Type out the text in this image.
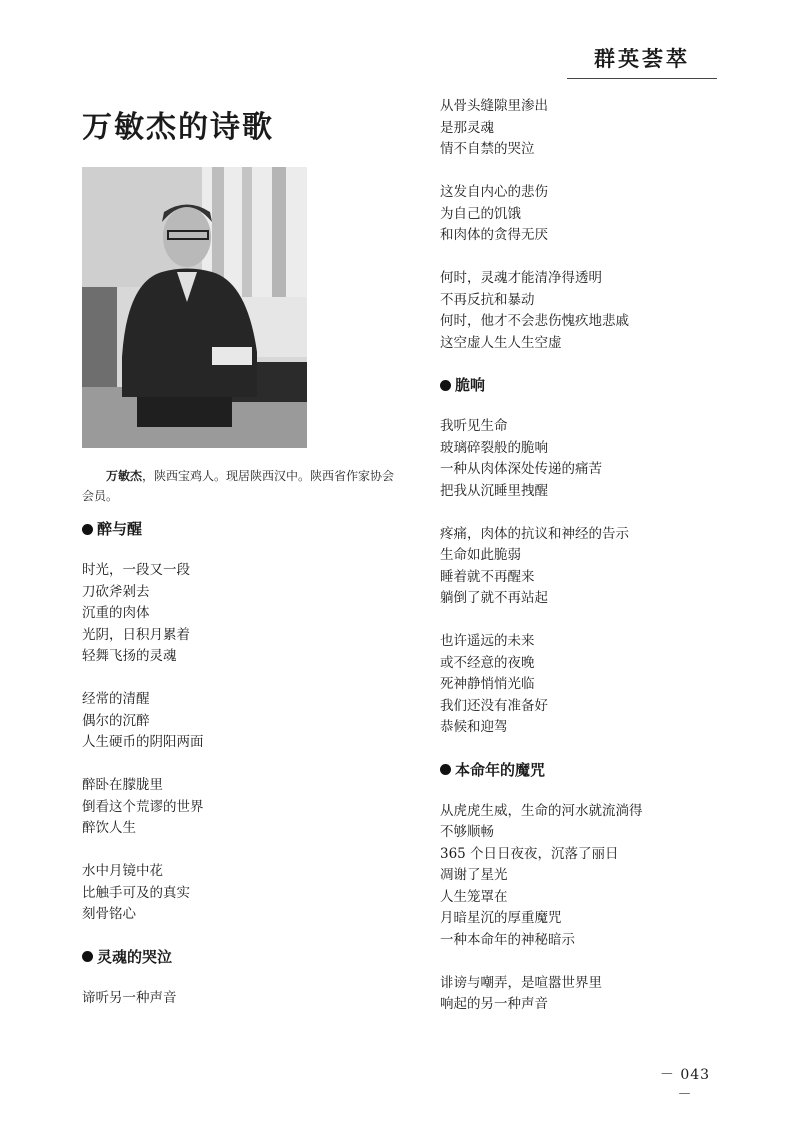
群英荟萃
万敏杰的诗歌
万敏杰，陕西宝鸡人。现居陕西汉中。陕西省作家协会会员。
醉与醒
时光，一段又一段
刀砍斧剁去
沉重的肉体
光阴，日积月累着
轻舞飞扬的灵魂
经常的清醒
偶尔的沉醉
人生硬币的阴阳两面
醉卧在朦胧里
倒看这个荒谬的世界
醉饮人生
水中月镜中花
比触手可及的真实
刻骨铭心
灵魂的哭泣
谛听另一种声音
从骨头缝隙里渗出
是那灵魂
情不自禁的哭泣
这发自内心的悲伤
为自己的饥饿
和肉体的贪得无厌
何时，灵魂才能清净得透明
不再反抗和暴动
何时，他才不会悲伤愧疚地悲戚
这空虚人生人生空虚
脆响
我听见生命
玻璃碎裂般的脆响
一种从肉体深处传递的痛苦
把我从沉睡里拽醒
疼痛，肉体的抗议和神经的告示
生命如此脆弱
睡着就不再醒来
躺倒了就不再站起
也许遥远的未来
或不经意的夜晚
死神静悄悄光临
我们还没有准备好
恭候和迎驾
本命年的魔咒
从虎虎生威，生命的河水就流淌得
不够顺畅
365 个日日夜夜，沉落了丽日
凋谢了星光
人生笼罩在
月暗星沉的厚重魔咒
一种本命年的神秘暗示
诽谤与嘲弄，是喧嚣世界里
响起的另一种声音
－ 043 －
